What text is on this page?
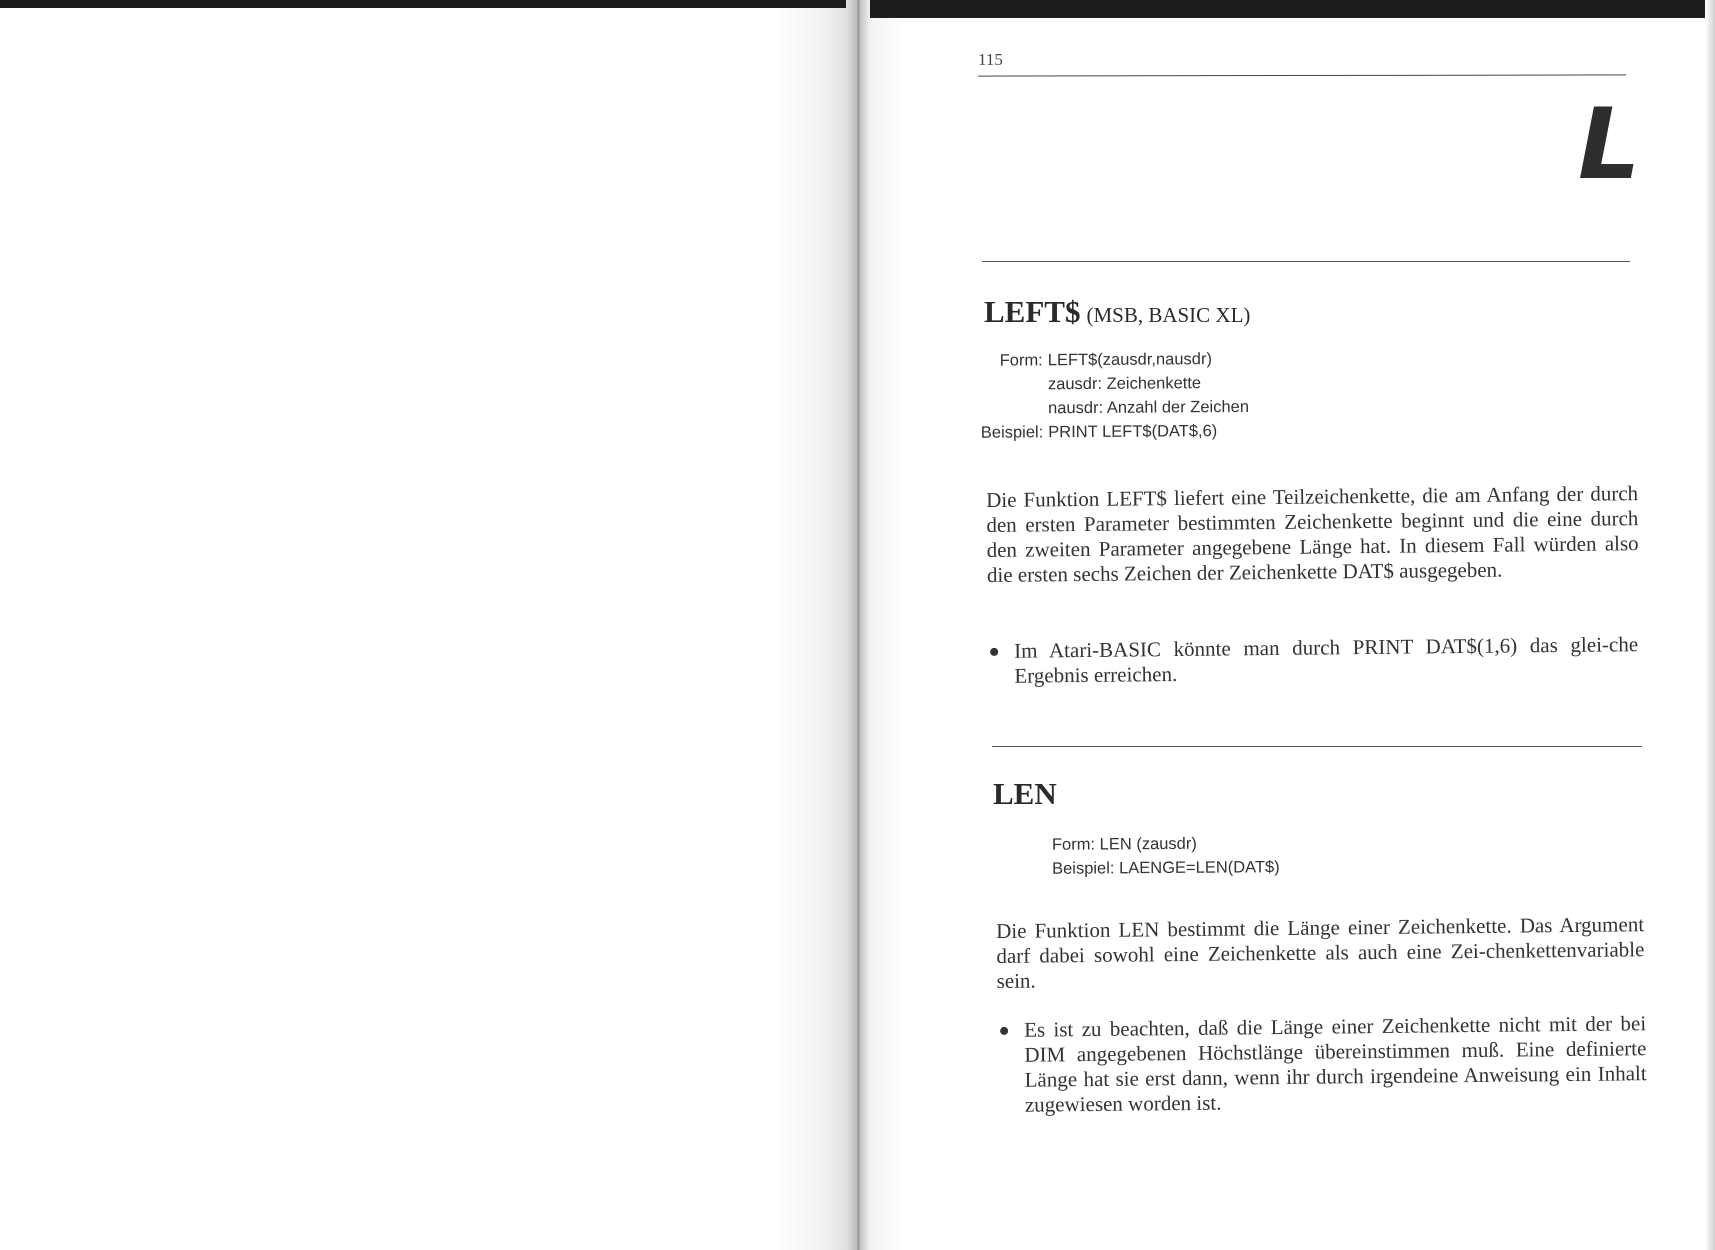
115
L
LEFT$ (MSB, BASIC XL)
Form: LEFT$(zausdr,nausdr)
zausdr: Zeichenkette
nausdr: Anzahl der Zeichen
Beispiel: PRINT LEFT$(DAT$,6)
Die Funktion LEFT$ liefert eine Teilzeichenkette, die am Anfang der durch den ersten Parameter bestimmten Zeichenkette beginnt und die eine durch den zweiten Parameter angegebene Länge hat. In diesem Fall würden also die ersten sechs Zeichen der Zeichenkette DAT$ ausgegeben.
Im Atari-BASIC könnte man durch PRINT DAT$(1,6) das glei-che Ergebnis erreichen.
LEN
Form: LEN (zausdr)
Beispiel: LAENGE=LEN(DAT$)
Die Funktion LEN bestimmt die Länge einer Zeichenkette. Das Argument darf dabei sowohl eine Zeichenkette als auch eine Zei-chenkettenvariable sein.
Es ist zu beachten, daß die Länge einer Zeichenkette nicht mit der bei DIM angegebenen Höchstlänge übereinstimmen muß. Eine definierte Länge hat sie erst dann, wenn ihr durch irgendeine Anweisung ein Inhalt zugewiesen worden ist.
